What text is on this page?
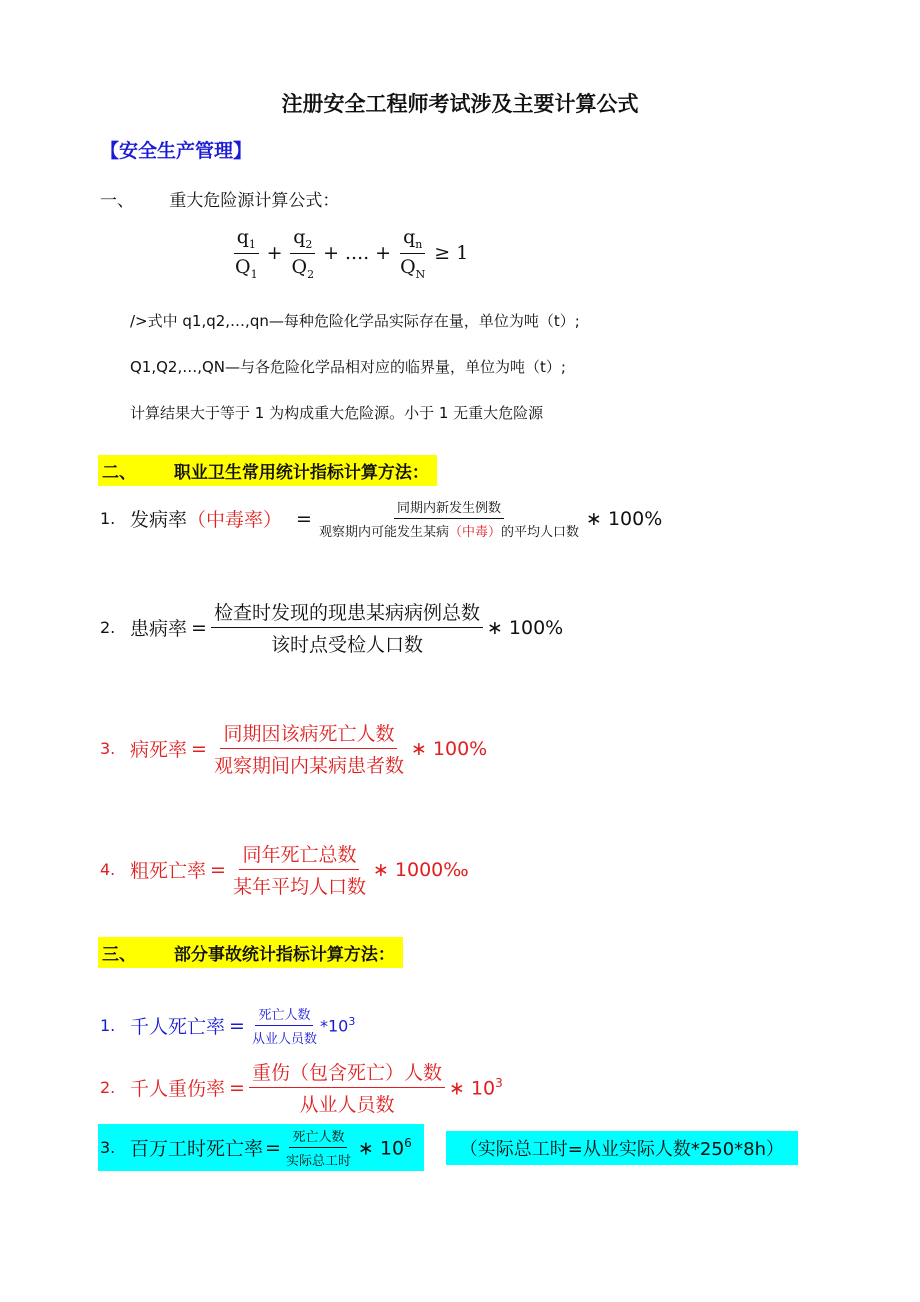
注册安全工程师考试涉及主要计算公式
【安全生产管理】
一、 重大危险源计算公式：
$\frac{q_1}{Q_1} + \frac{q_2}{Q_2}$ + .... + $\frac{q_n}{Q_N} \ge 1$
/>式中 q1,q2,…,qn—每种危险化学品实际存在量，单位为吨（t）;
Q1,Q2,…,QN—与各危险化学品相对应的临界量，单位为吨（t）;
计算结果大于等于 1 为构成重大危险源。小于 1 无重大危险源
二、 职业卫生常用统计指标计算方法：
1. 发病率 （中毒率） = $\frac{\text{同期内新发生例数}}{\text{观察期内可能发生某病（中毒）的平均人口数}}$ ∗ 100%
2. 患病率 = $\frac{\text{检查时发现的现患某病病例总数}}{\text{该时点受检人口数}}$ ∗ 100%
3. 病死率 = $\frac{\text{同期因该病死亡人数}}{\text{观察期间内某病患者数}}$ ∗ 100%
4. 粗死亡率 = $\frac{\text{同年死亡总数}}{\text{某年平均人口数}}$ ∗ 1000‰
三、 部分事故统计指标计算方法：
1. 千人死亡率 = $\frac{\text{死亡人数}}{\text{从业人员数}} *10^3$
2. 千人重伤率 = $\frac{\text{重伤（包含死亡）人数}}{\text{从业人员数}}$ ∗ $10^3$
3. 百万工时死亡率 = $\frac{\text{死亡人数}}{\text{实际总工时}}$ ∗ $10^6$	（实际总工时=从业实际人数*250*8h）
